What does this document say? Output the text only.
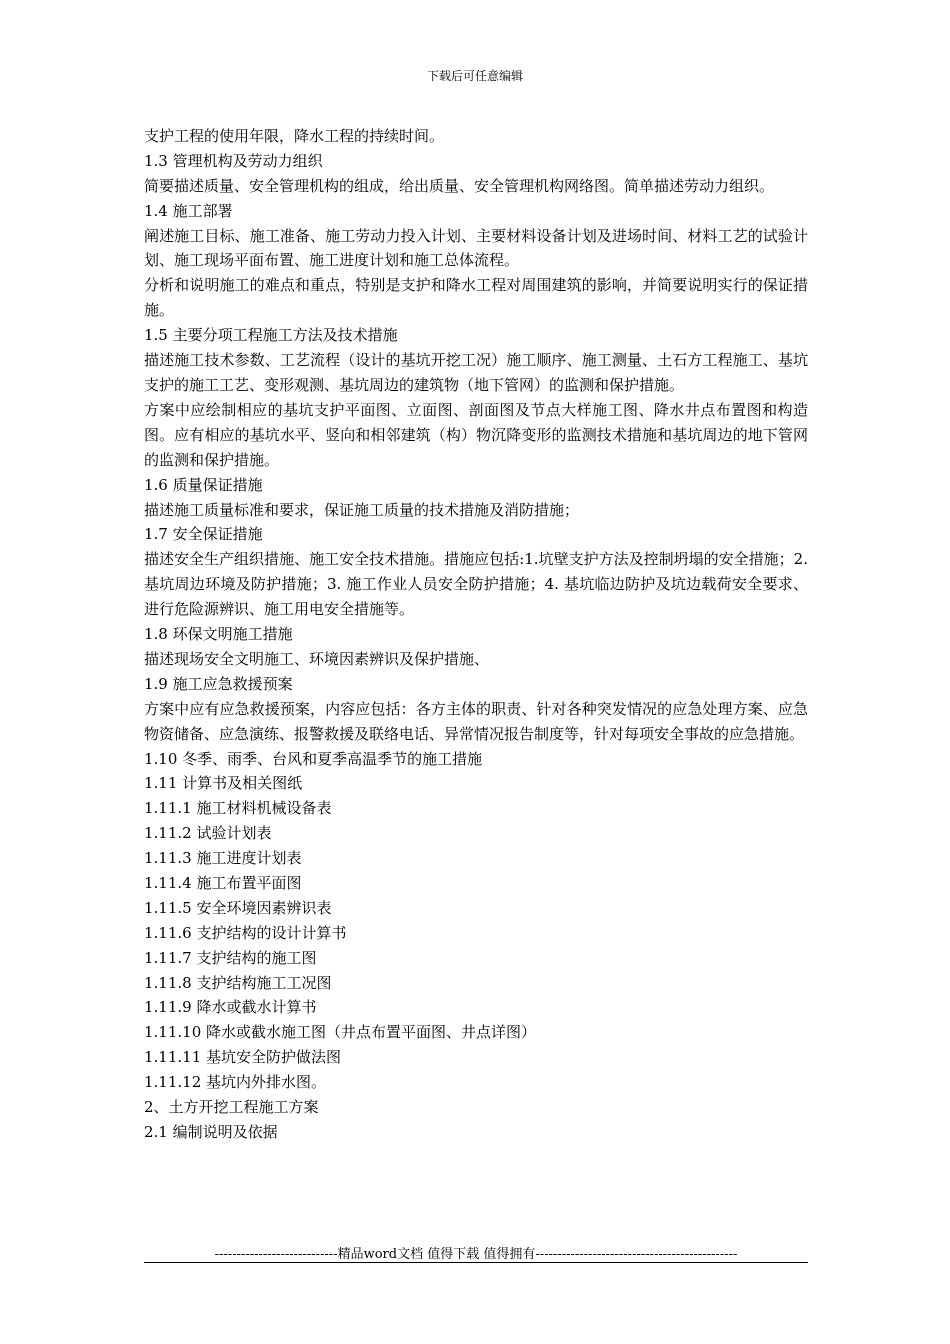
下载后可任意编辑
支护工程的使用年限，降水工程的持续时间。
1.3 管理机构及劳动力组织
简要描述质量、安全管理机构的组成，给出质量、安全管理机构网络图。简单描述劳动力组织。
1.4 施工部署
阐述施工目标、施工准备、施工劳动力投入计划、主要材料设备计划及进场时间、材料工艺的试验计划、施工现场平面布置、施工进度计划和施工总体流程。
分析和说明施工的难点和重点，特别是支护和降水工程对周围建筑的影响，并简要说明实行的保证措施。
1.5 主要分项工程施工方法及技术措施
描述施工技术参数、工艺流程（设计的基坑开挖工况）施工顺序、施工测量、土石方工程施工、基坑支护的施工工艺、变形观测、基坑周边的建筑物（地下管网）的监测和保护措施。
方案中应绘制相应的基坑支护平面图、立面图、剖面图及节点大样施工图、降水井点布置图和构造图。应有相应的基坑水平、竖向和相邻建筑（构）物沉降变形的监测技术措施和基坑周边的地下管网的监测和保护措施。
1.6 质量保证措施
描述施工质量标准和要求，保证施工质量的技术措施及消防措施；
1.7 安全保证措施
描述安全生产组织措施、施工安全技术措施。措施应包括:1.坑壁支护方法及控制坍塌的安全措施；2. 基坑周边环境及防护措施；3. 施工作业人员安全防护措施；4. 基坑临边防护及坑边载荷安全要求、进行危险源辨识、施工用电安全措施等。
1.8 环保文明施工措施
描述现场安全文明施工、环境因素辨识及保护措施、
1.9 施工应急救援预案
方案中应有应急救援预案，内容应包括：各方主体的职责、针对各种突发情况的应急处理方案、应急物资储备、应急演练、报警救援及联络电话、异常情况报告制度等，针对每项安全事故的应急措施。
1.10 冬季、雨季、台风和夏季高温季节的施工措施
1.11 计算书及相关图纸
1.11.1 施工材料机械设备表
1.11.2 试验计划表
1.11.3 施工进度计划表
1.11.4 施工布置平面图
1.11.5 安全环境因素辨识表
1.11.6 支护结构的设计计算书
1.11.7 支护结构的施工图
1.11.8 支护结构施工工况图
1.11.9 降水或截水计算书
1.11.10 降水或截水施工图（井点布置平面图、井点详图）
1.11.11 基坑安全防护做法图
1.11.12 基坑内外排水图。
2、土方开挖工程施工方案
2.1 编制说明及依据
----------------------------精品word文档 值得下载 值得拥有----------------------------------------------
